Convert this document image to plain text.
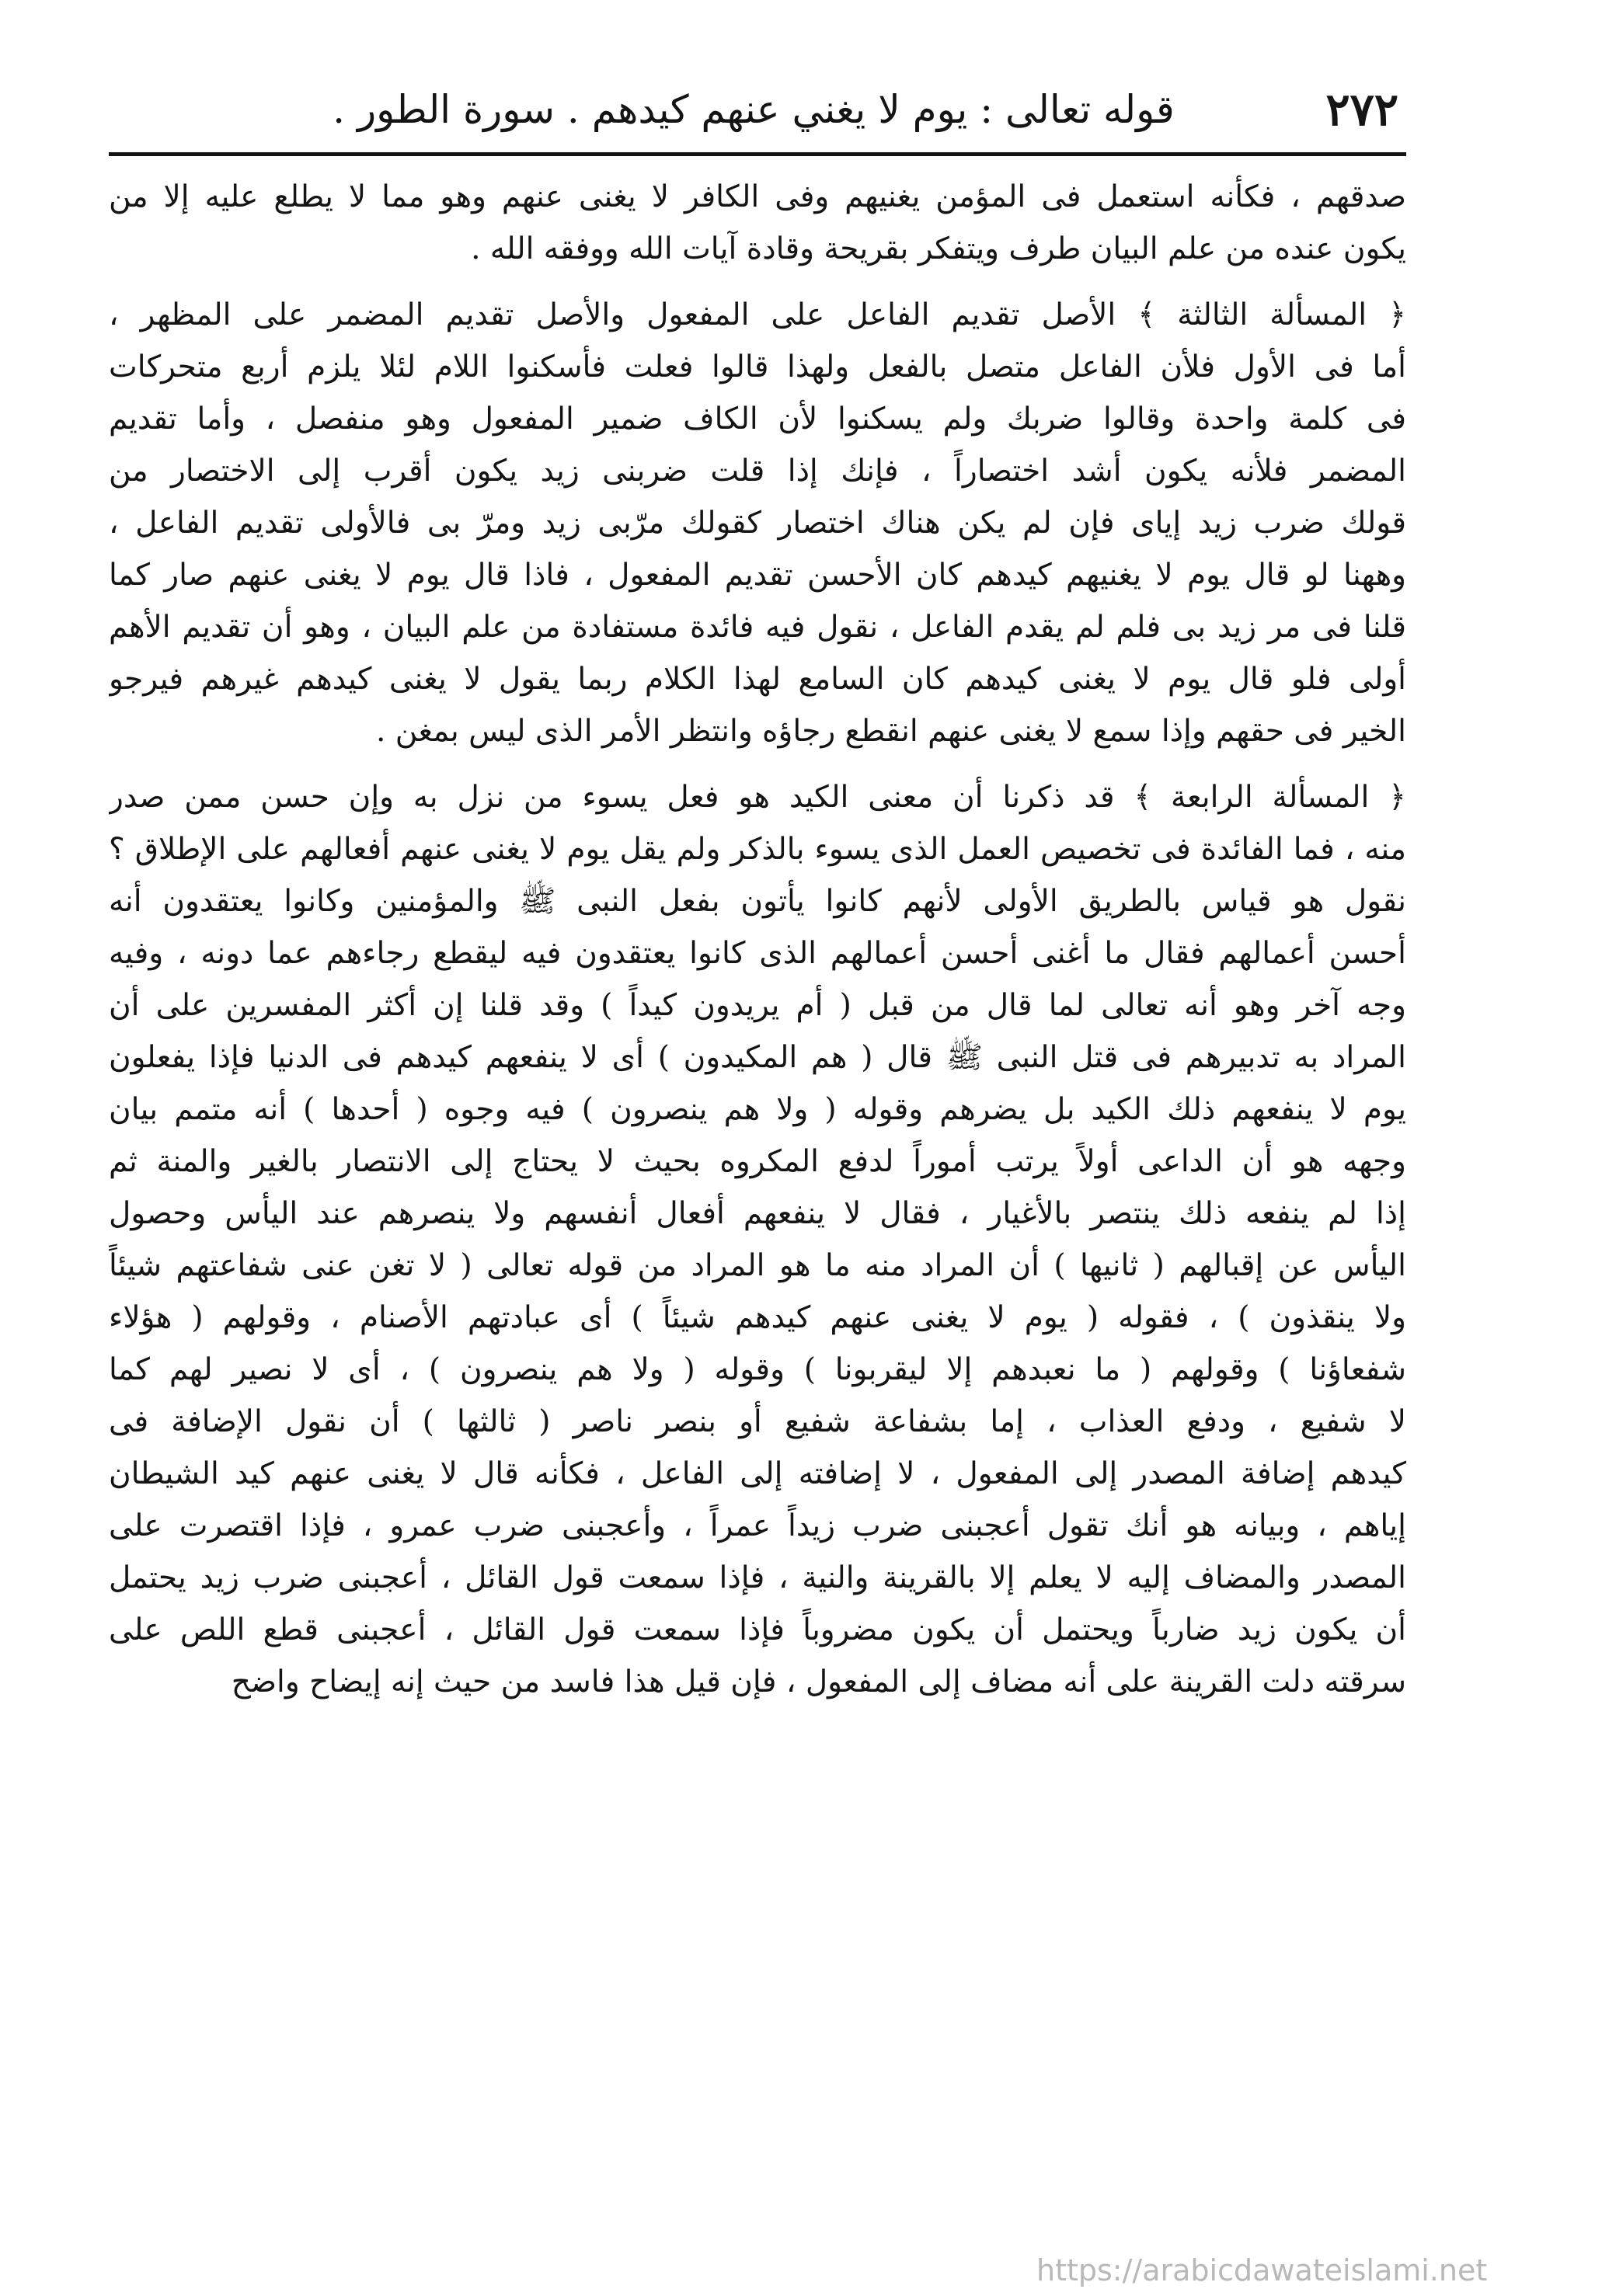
٢٧٢
قوله تعالى : يوم لا يغني عنهم كيدهم . سورة الطور .
صدقهم ، فكأنه استعمل فى المؤمن يغنيهم وفى الكافر لا يغنى عنهم وهو مما لا يطلع عليه إلا من
يكون عنده من علم البيان طرف ويتفكر بقريحة وقادة آيات الله ووفقه الله .
﴿ المسألة الثالثة ﴾ الأصل تقديم الفاعل على المفعول والأصل تقديم المضمر على المظهر ،
أما فى الأول فلأن الفاعل متصل بالفعل ولهذا قالوا فعلت فأسكنوا اللام لئلا يلزم أربع متحركات
فى كلمة واحدة وقالوا ضربك ولم يسكنوا لأن الكاف ضمير المفعول وهو منفصل ، وأما تقديم
المضمر فلأنه يكون أشد اختصاراً ، فإنك إذا قلت ضربنى زيد يكون أقرب إلى الاختصار من
قولك ضرب زيد إياى فإن لم يكن هناك اختصار كقولك مرّبى زيد ومرّ بى فالأولى تقديم الفاعل ،
وههنا لو قال يوم لا يغنيهم كيدهم كان الأحسن تقديم المفعول ، فاذا قال يوم لا يغنى عنهم صار كما
قلنا فى مر زيد بى فلم لم يقدم الفاعل ، نقول فيه فائدة مستفادة من علم البيان ، وهو أن تقديم الأهم
أولى فلو قال يوم لا يغنى كيدهم كان السامع لهذا الكلام ربما يقول لا يغنى كيدهم غيرهم فيرجو
الخير فى حقهم وإذا سمع لا يغنى عنهم انقطع رجاؤه وانتظر الأمر الذى ليس بمغن .
﴿ المسألة الرابعة ﴾ قد ذكرنا أن معنى الكيد هو فعل يسوء من نزل به وإن حسن ممن صدر
منه ، فما الفائدة فى تخصيص العمل الذى يسوء بالذكر ولم يقل يوم لا يغنى عنهم أفعالهم على الإطلاق ؟
نقول هو قياس بالطريق الأولى لأنهم كانوا يأتون بفعل النبى ﷺ والمؤمنين وكانوا يعتقدون أنه
أحسن أعمالهم فقال ما أغنى أحسن أعمالهم الذى كانوا يعتقدون فيه ليقطع رجاءهم عما دونه ، وفيه
وجه آخر وهو أنه تعالى لما قال من قبل ( أم يريدون كيداً ) وقد قلنا إن أكثر المفسرين على أن
المراد به تدبيرهم فى قتل النبى ﷺ قال ( هم المكيدون ) أى لا ينفعهم كيدهم فى الدنيا فإذا يفعلون
يوم لا ينفعهم ذلك الكيد بل يضرهم وقوله ( ولا هم ينصرون ) فيه وجوه ( أحدها ) أنه متمم بيان
وجهه هو أن الداعى أولاً يرتب أموراً لدفع المكروه بحيث لا يحتاج إلى الانتصار بالغير والمنة ثم
إذا لم ينفعه ذلك ينتصر بالأغيار ، فقال لا ينفعهم أفعال أنفسهم ولا ينصرهم عند اليأس وحصول
اليأس عن إقبالهم ( ثانيها ) أن المراد منه ما هو المراد من قوله تعالى ( لا تغن عنى شفاعتهم شيئاً
ولا ينقذون ) ، فقوله ( يوم لا يغنى عنهم كيدهم شيئاً ) أى عبادتهم الأصنام ، وقولهم ( هؤلاء
شفعاؤنا ) وقولهم ( ما نعبدهم إلا ليقربونا ) وقوله ( ولا هم ينصرون ) ، أى لا نصير لهم كما
لا شفيع ، ودفع العذاب ، إما بشفاعة شفيع أو بنصر ناصر ( ثالثها ) أن نقول الإضافة فى
كيدهم إضافة المصدر إلى المفعول ، لا إضافته إلى الفاعل ، فكأنه قال لا يغنى عنهم كيد الشيطان
إياهم ، وبيانه هو أنك تقول أعجبنى ضرب زيداً عمراً ، وأعجبنى ضرب عمرو ، فإذا اقتصرت على
المصدر والمضاف إليه لا يعلم إلا بالقرينة والنية ، فإذا سمعت قول القائل ، أعجبنى ضرب زيد يحتمل
أن يكون زيد ضارباً ويحتمل أن يكون مضروباً فإذا سمعت قول القائل ، أعجبنى قطع اللص على
سرقته دلت القرينة على أنه مضاف إلى المفعول ، فإن قيل هذا فاسد من حيث إنه إيضاح واضح
https://arabicdawateislami.net
